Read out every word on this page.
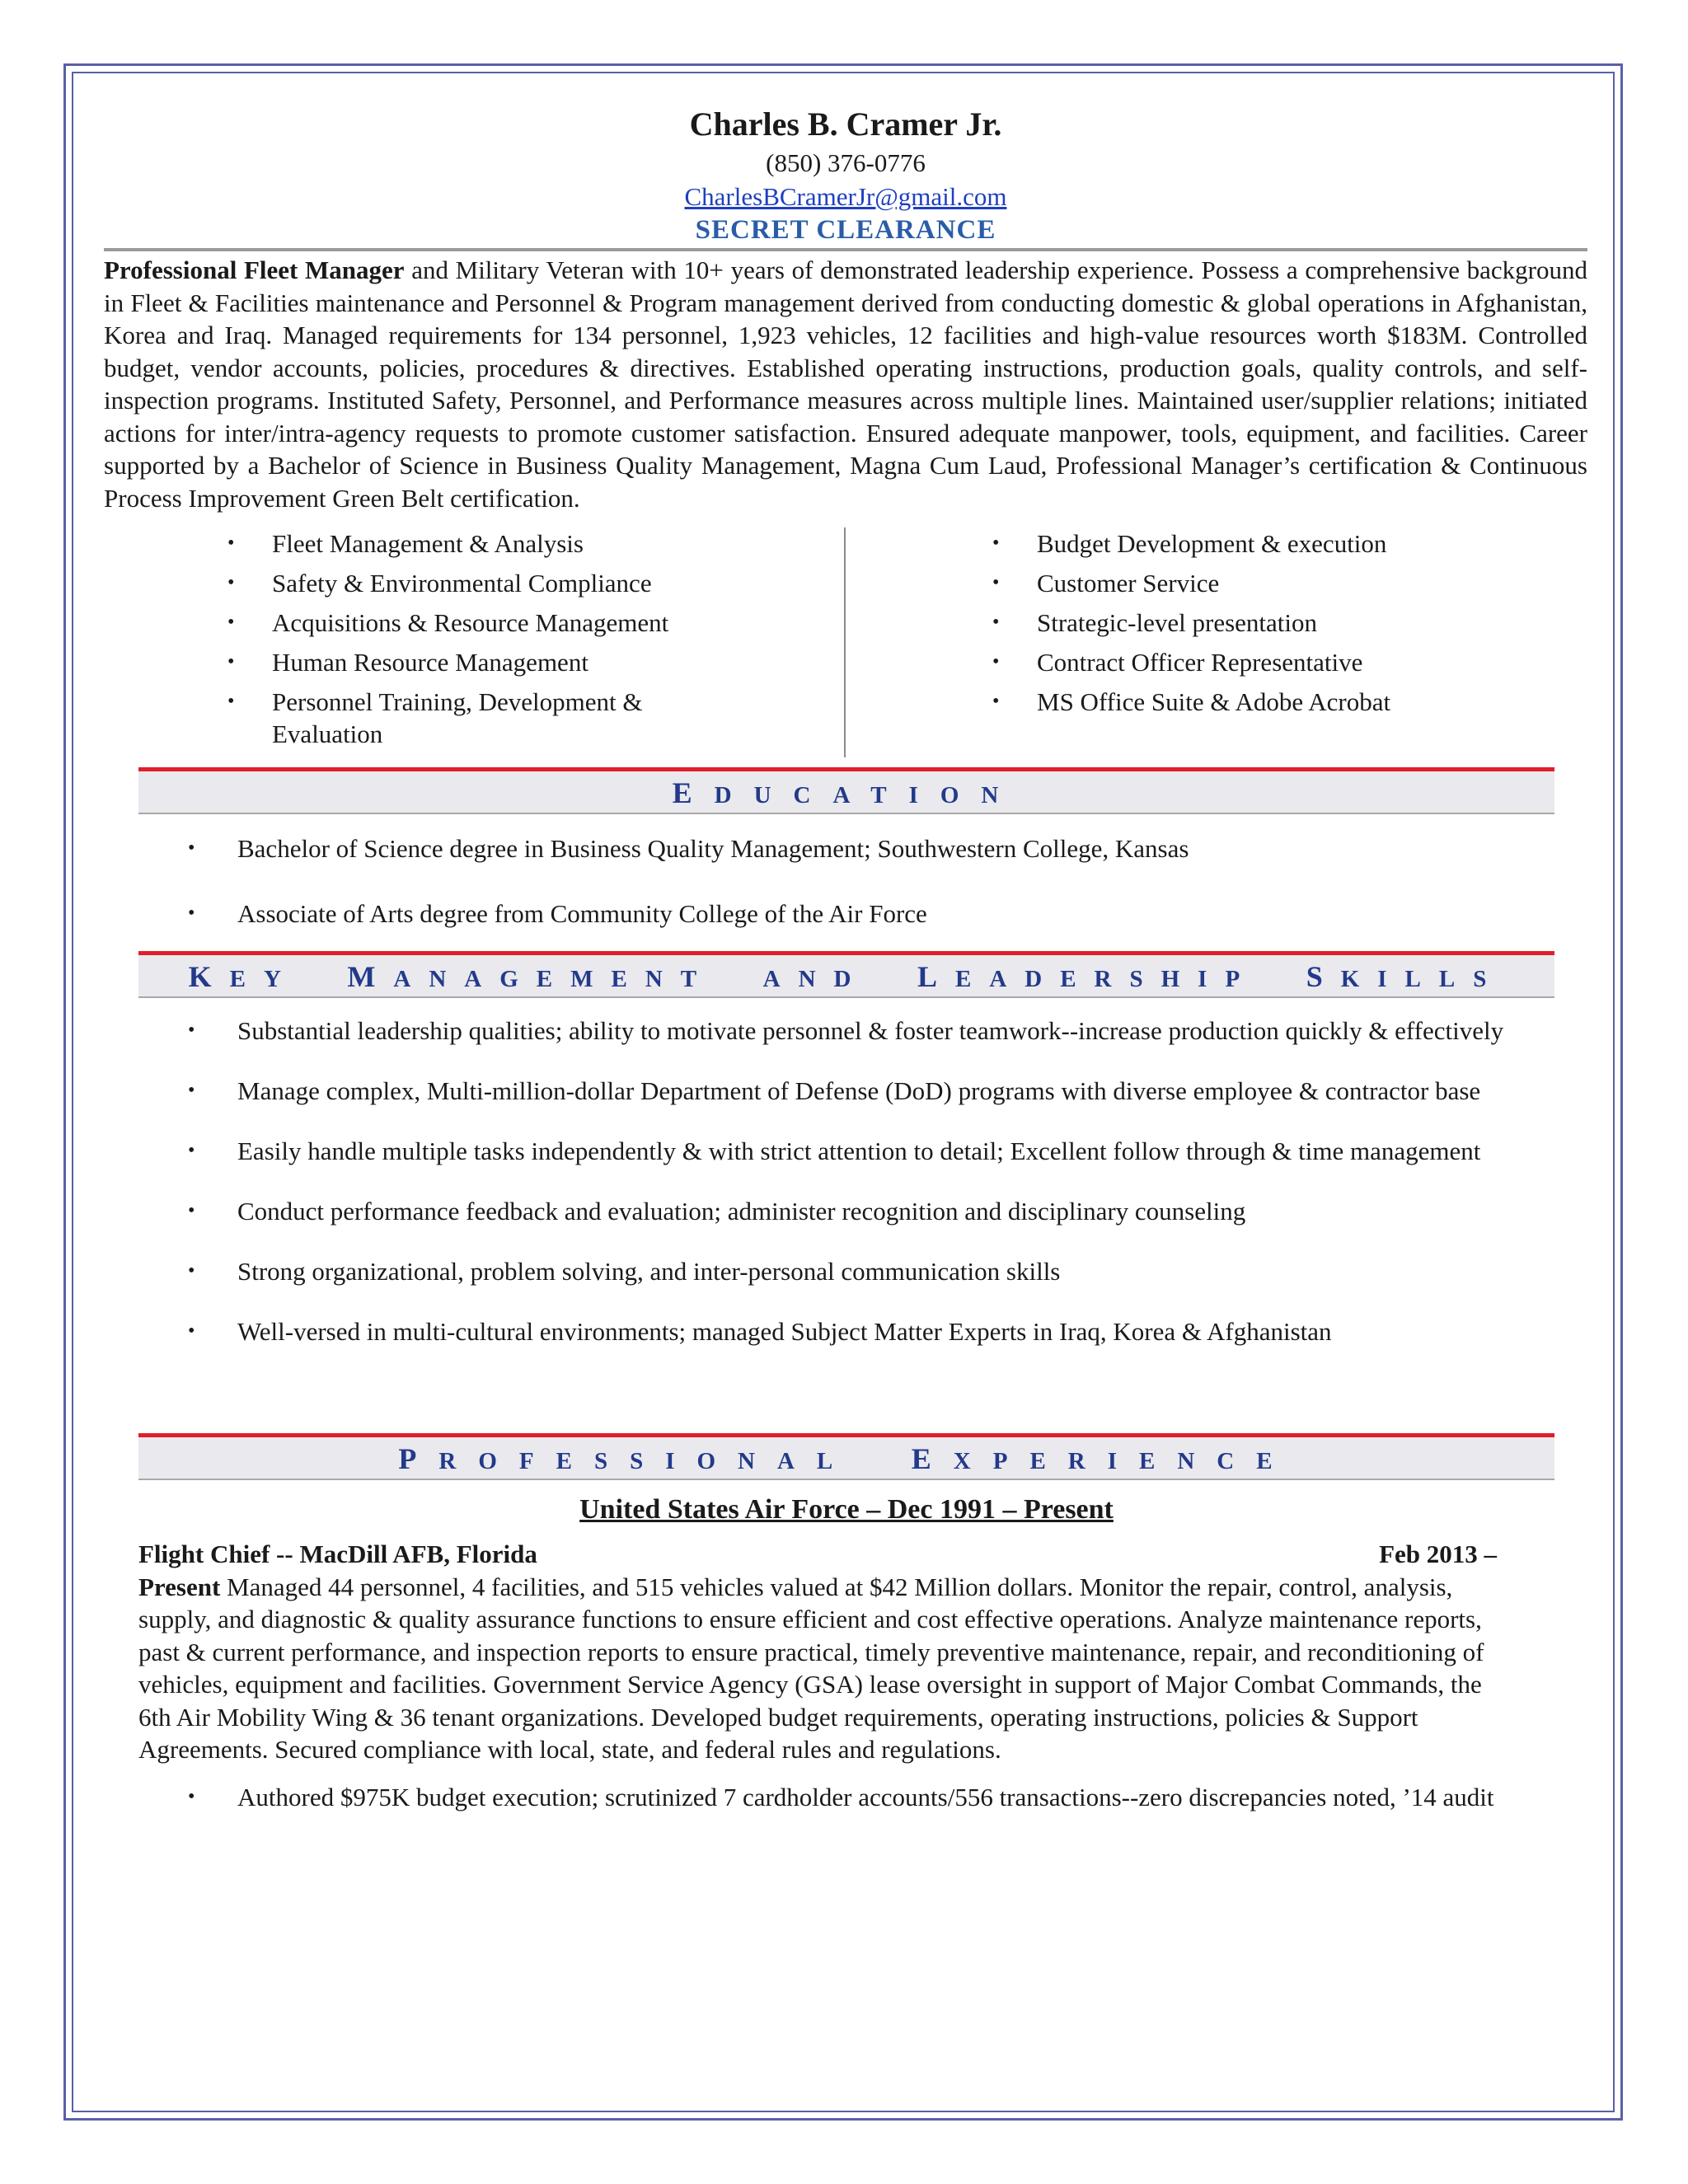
Charles B. Cramer Jr.
(850) 376-0776
CharlesBCramerJr@gmail.com
SECRET CLEARANCE
Professional Fleet Manager and Military Veteran with 10+ years of demonstrated leadership experience. Possess a comprehensive background in Fleet & Facilities maintenance and Personnel & Program management derived from conducting domestic & global operations in Afghanistan, Korea and Iraq. Managed requirements for 134 personnel, 1,923 vehicles, 12 facilities and high-value resources worth $183M. Controlled budget, vendor accounts, policies, procedures & directives. Established operating instructions, production goals, quality controls, and self-inspection programs. Instituted Safety, Personnel, and Performance measures across multiple lines. Maintained user/supplier relations; initiated actions for inter/intra-agency requests to promote customer satisfaction. Ensured adequate manpower, tools, equipment, and facilities. Career supported by a Bachelor of Science in Business Quality Management, Magna Cum Laud, Professional Manager’s certification & Continuous Process Improvement Green Belt certification.
• Fleet Management & Analysis
• Safety & Environmental Compliance
• Acquisitions & Resource Management
• Human Resource Management
• Personnel Training, Development & Evaluation
• Budget Development & execution
• Customer Service
• Strategic-level presentation
• Contract Officer Representative
• MS Office Suite & Adobe Acrobat
EDUCATION
• Bachelor of Science degree in Business Quality Management; Southwestern College, Kansas
• Associate of Arts degree from Community College of the Air Force
KEY MANAGEMENT AND LEADERSHIP SKILLS
• Substantial leadership qualities; ability to motivate personnel & foster teamwork--increase production quickly & effectively
• Manage complex, Multi-million-dollar Department of Defense (DoD) programs with diverse employee & contractor base
• Easily handle multiple tasks independently & with strict attention to detail; Excellent follow through & time management
• Conduct performance feedback and evaluation; administer recognition and disciplinary counseling
• Strong organizational, problem solving, and inter-personal communication skills
• Well-versed in multi-cultural environments; managed Subject Matter Experts in Iraq, Korea & Afghanistan
PROFESSIONAL EXPERIENCE
United States Air Force – Dec 1991 – Present
Flight Chief -- MacDill AFB, Florida	Feb 2013 –
Present Managed 44 personnel, 4 facilities, and 515 vehicles valued at $42 Million dollars. Monitor the repair, control, analysis, supply, and diagnostic & quality assurance functions to ensure efficient and cost effective operations. Analyze maintenance reports, past & current performance, and inspection reports to ensure practical, timely preventive maintenance, repair, and reconditioning of vehicles, equipment and facilities. Government Service Agency (GSA) lease oversight in support of Major Combat Commands, the 6th Air Mobility Wing & 36 tenant organizations. Developed budget requirements, operating instructions, policies & Support Agreements. Secured compliance with local, state, and federal rules and regulations.
• Authored $975K budget execution; scrutinized 7 cardholder accounts/556 transactions--zero discrepancies noted, ’14 audit
